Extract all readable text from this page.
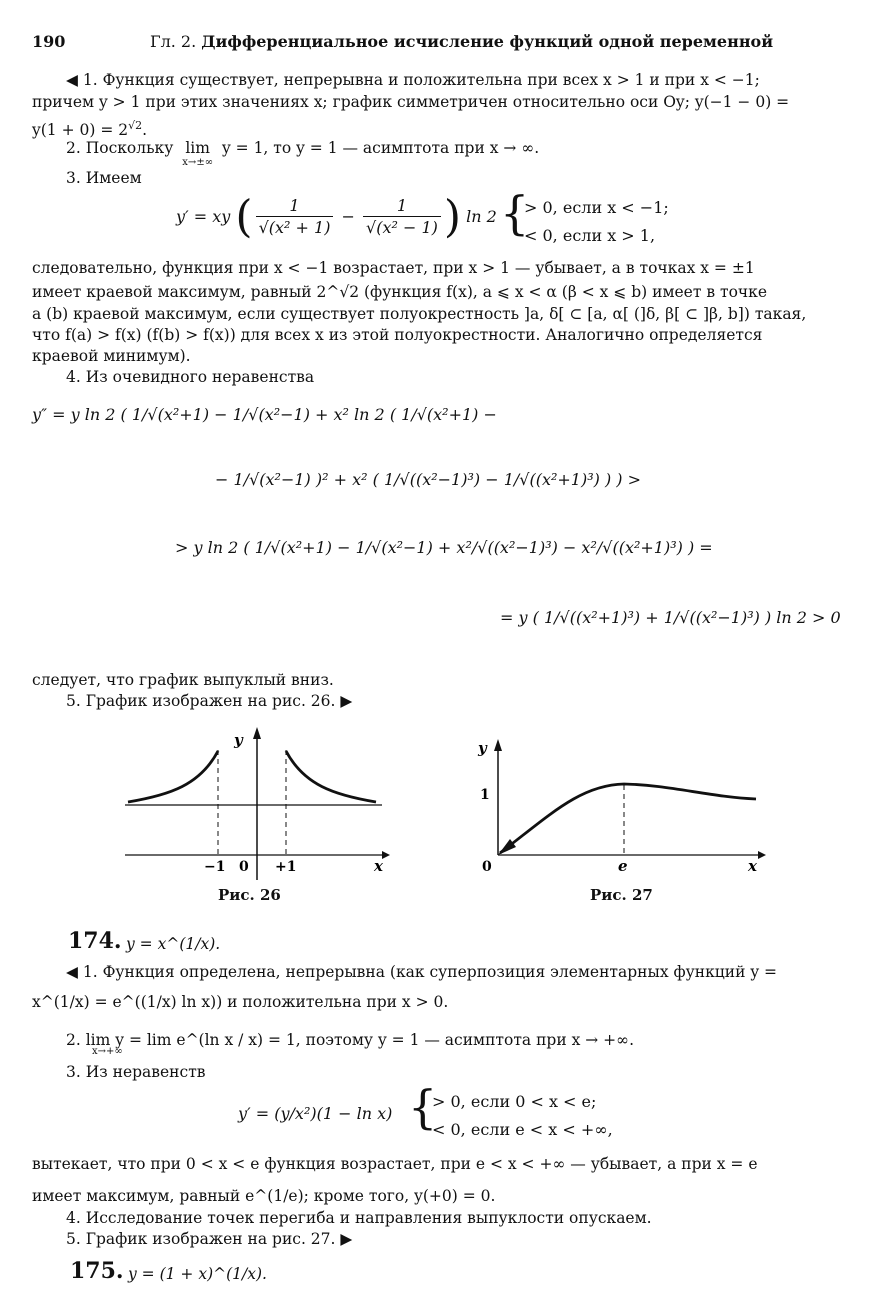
190	Гл. 2. Дифференциальное исчисление функций одной переменной
◀ 1. Функция существует, непрерывна и положительна при всех x > 1 и при x < −1;
причем y > 1 при этих значениях x; график симметричен относительно оси Oy; y(−1 − 0) =
$y(1 + 0) = 2^{√2}$.
2. Поскольку lim
x→±∞
y = 1, то y = 1 — асимптота при x → ∞.
3. Имеем
y′ = xy ( $\frac{1}{\text{√(x² + 1)}} - \frac{1}{\text{√(x² − 1)}}$ ) ln 2 {
> 0, если x < −1;
< 0, если x > 1,
следовательно, функция при x < −1 возрастает, при x > 1 — убывает, а в точках x = ±1
имеет краевой максимум, равный 2^√2 (функция f(x), a ⩽ x < α (β < x ⩽ b) имеет в точке
a (b) краевой максимум, если существует полуокрестность ]a, δ[ ⊂ [a, α[ (]δ, β[ ⊂ ]β, b]) такая,
что f(a) > f(x) (f(b) > f(x)) для всех x из этой полуокрестности. Аналогично определяется
краевой минимум).
4. Из очевидного неравенства
y″ = y ln 2 ( 1/√(x²+1) − 1/√(x²−1) + x² ln 2 ( 1/√(x²+1) −
− 1/√(x²−1) )² + x² ( 1/√((x²−1)³) − 1/√((x²+1)³) ) ) >
> y ln 2 ( 1/√(x²+1) − 1/√(x²−1) + x²/√((x²−1)³) − x²/√((x²+1)³) ) =
= y ( 1/√((x²+1)³) + 1/√((x²−1)³) ) ln 2 > 0
следует, что график выпуклый вниз.
5. График изображен на рис. 26. ▶
y
x
−1 0 +1
Рис. 26
y
1
0	e	x
Рис. 27
174. y = x^(1/x).
◀ 1. Функция определена, непрерывна (как суперпозиция элементарных функций y =
x^(1/x) = e^((1/x) ln x)) и положительна при x > 0.
2. lim y = lim e^(ln x / x) = 1, поэтому y = 1 — асимптота при x → +∞.
x→+∞
3. Из неравенств
y′ = (y/x²)(1 − ln x) {
> 0, если 0 < x < e;
< 0, если e < x < +∞,
вытекает, что при 0 < x < e функция возрастает, при e < x < +∞ — убывает, а при x = e
имеет максимум, равный e^(1/e); кроме того, y(+0) = 0.
4. Исследование точек перегиба и направления выпуклости опускаем.
5. График изображен на рис. 27. ▶
175. y = (1 + x)^(1/x).
